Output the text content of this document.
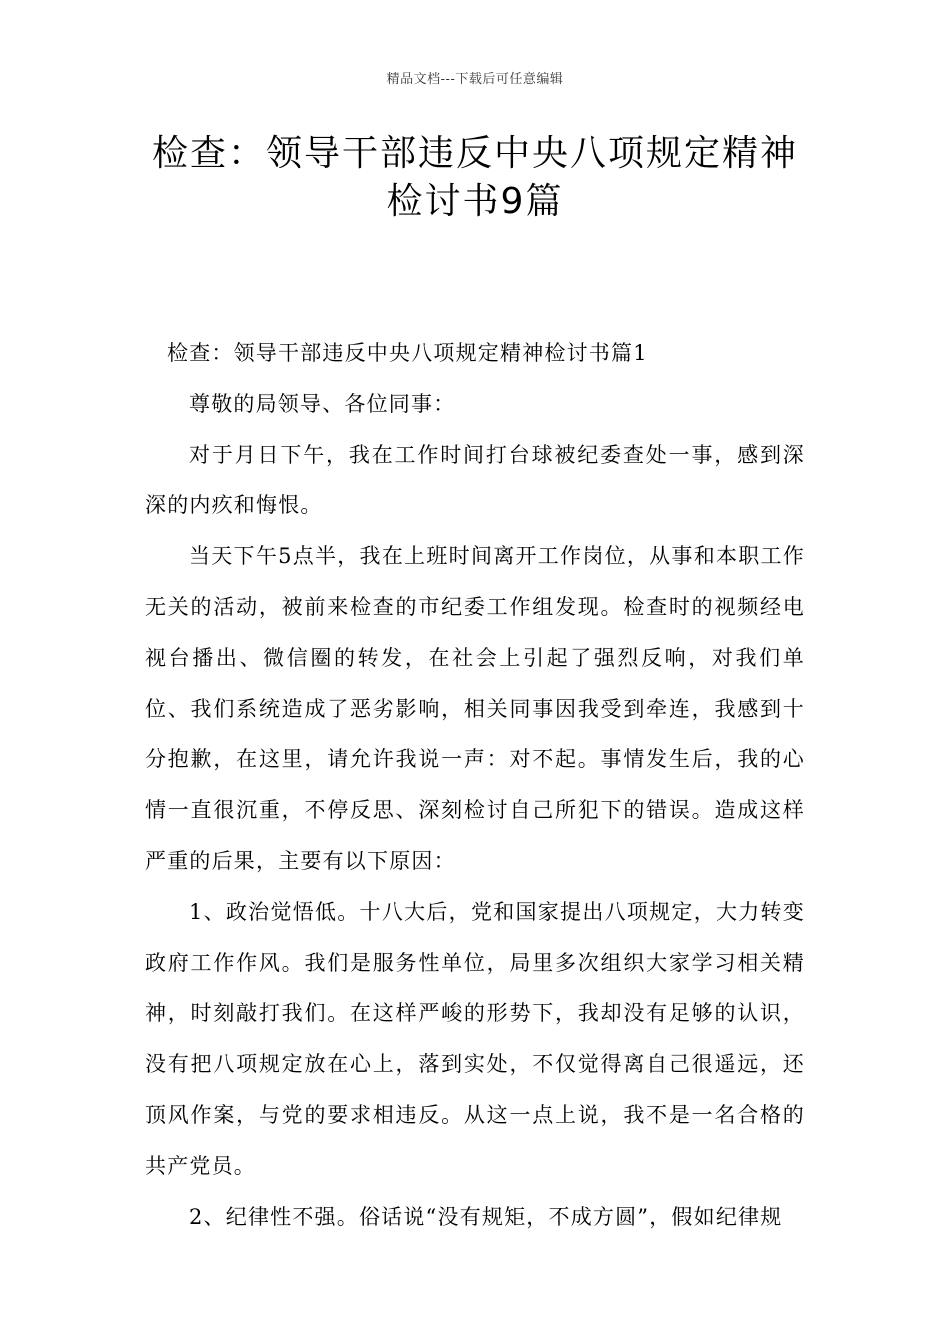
精品文档---下载后可任意编辑

检查：领导干部违反中央八项规定精神
检讨书9篇

检查：领导干部违反中央八项规定精神检讨书篇1

尊敬的局领导、各位同事：

对于月日下午，我在工作时间打台球被纪委查处一事，感到深深的内疚和悔恨。

当天下午5点半，我在上班时间离开工作岗位，从事和本职工作无关的活动，被前来检查的市纪委工作组发现。检查时的视频经电视台播出、微信圈的转发，在社会上引起了强烈反响，对我们单位、我们系统造成了恶劣影响，相关同事因我受到牵连，我感到十分抱歉，在这里，请允许我说一声：对不起。事情发生后，我的心情一直很沉重，不停反思、深刻检讨自己所犯下的错误。造成这样严重的后果，主要有以下原因：

1、政治觉悟低。十八大后，党和国家提出八项规定，大力转变政府工作作风。我们是服务性单位，局里多次组织大家学习相关精神，时刻敲打我们。在这样严峻的形势下，我却没有足够的认识，没有把八项规定放在心上，落到实处，不仅觉得离自己很遥远，还顶风作案，与党的要求相违反。从这一点上说，我不是一名合格的共产党员。

2、纪律性不强。俗话说“没有规矩，不成方圆”，假如纪律规
